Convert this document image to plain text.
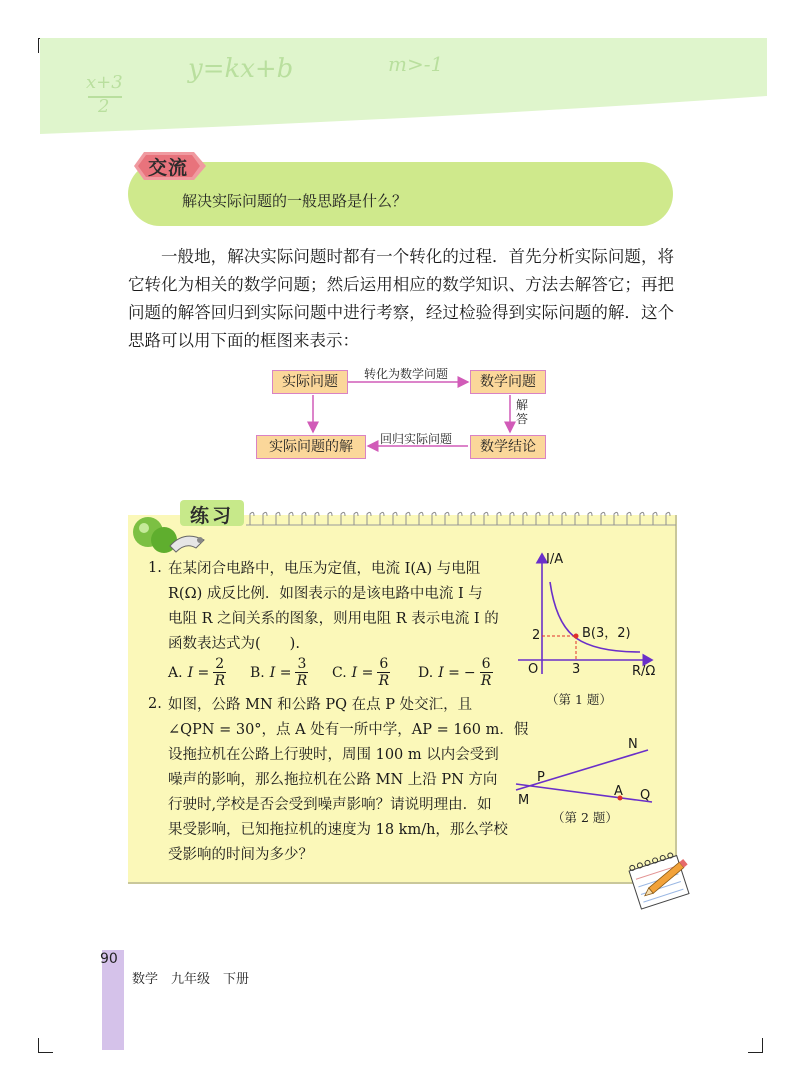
x+3
2
y=kx+b	m>-1
交流
解决实际问题的一般思路是什么？
一般地，解决实际问题时都有一个转化的过程．首先分析实际问题，将它转化为相关的数学问题；然后运用相应的数学知识、方法去解答它；再把问题的解答回归到实际问题中进行考察，经过检验得到实际问题的解．这个思路可以用下面的框图来表示：
实际问题	数学问题
数学结论
实际问题的解
转化为数学问题
解答
回归实际问题
练习
1. 在某闭合电路中，电压为定值，电流 I(A) 与电阻
R(Ω) 成反比例．如图表示的是该电路中电流 I 与
电阻 R 之间关系的图象，则用电阻 R 表示电流 I 的
函数表达式为(　　).
A. $I = \frac{2}{R} B$. $I = \frac{3}{R} C$. $I = \frac{6}{R} D$. I = − $\frac{6}{R}$
2. 如图，公路 MN 和公路 PQ 在点 P 处交汇，且
∠QPN = 30°，点 A 处有一所中学，AP = 160 m．假
设拖拉机在公路上行驶时，周围 100 m 以内会受到
噪声的影响，那么拖拉机在公路 MN 上沿 PN 方向
行驶时,学校是否会受到噪声影响？请说明理由．如
果受影响，已知拖拉机的速度为 18 km/h，那么学校
受影响的时间为多少？
I/A
R/Ω
O	3
2	B(3，2)
（第 1 题）
N
P
M
A Q
（第 2 题）
90
数学　九年级　下册
